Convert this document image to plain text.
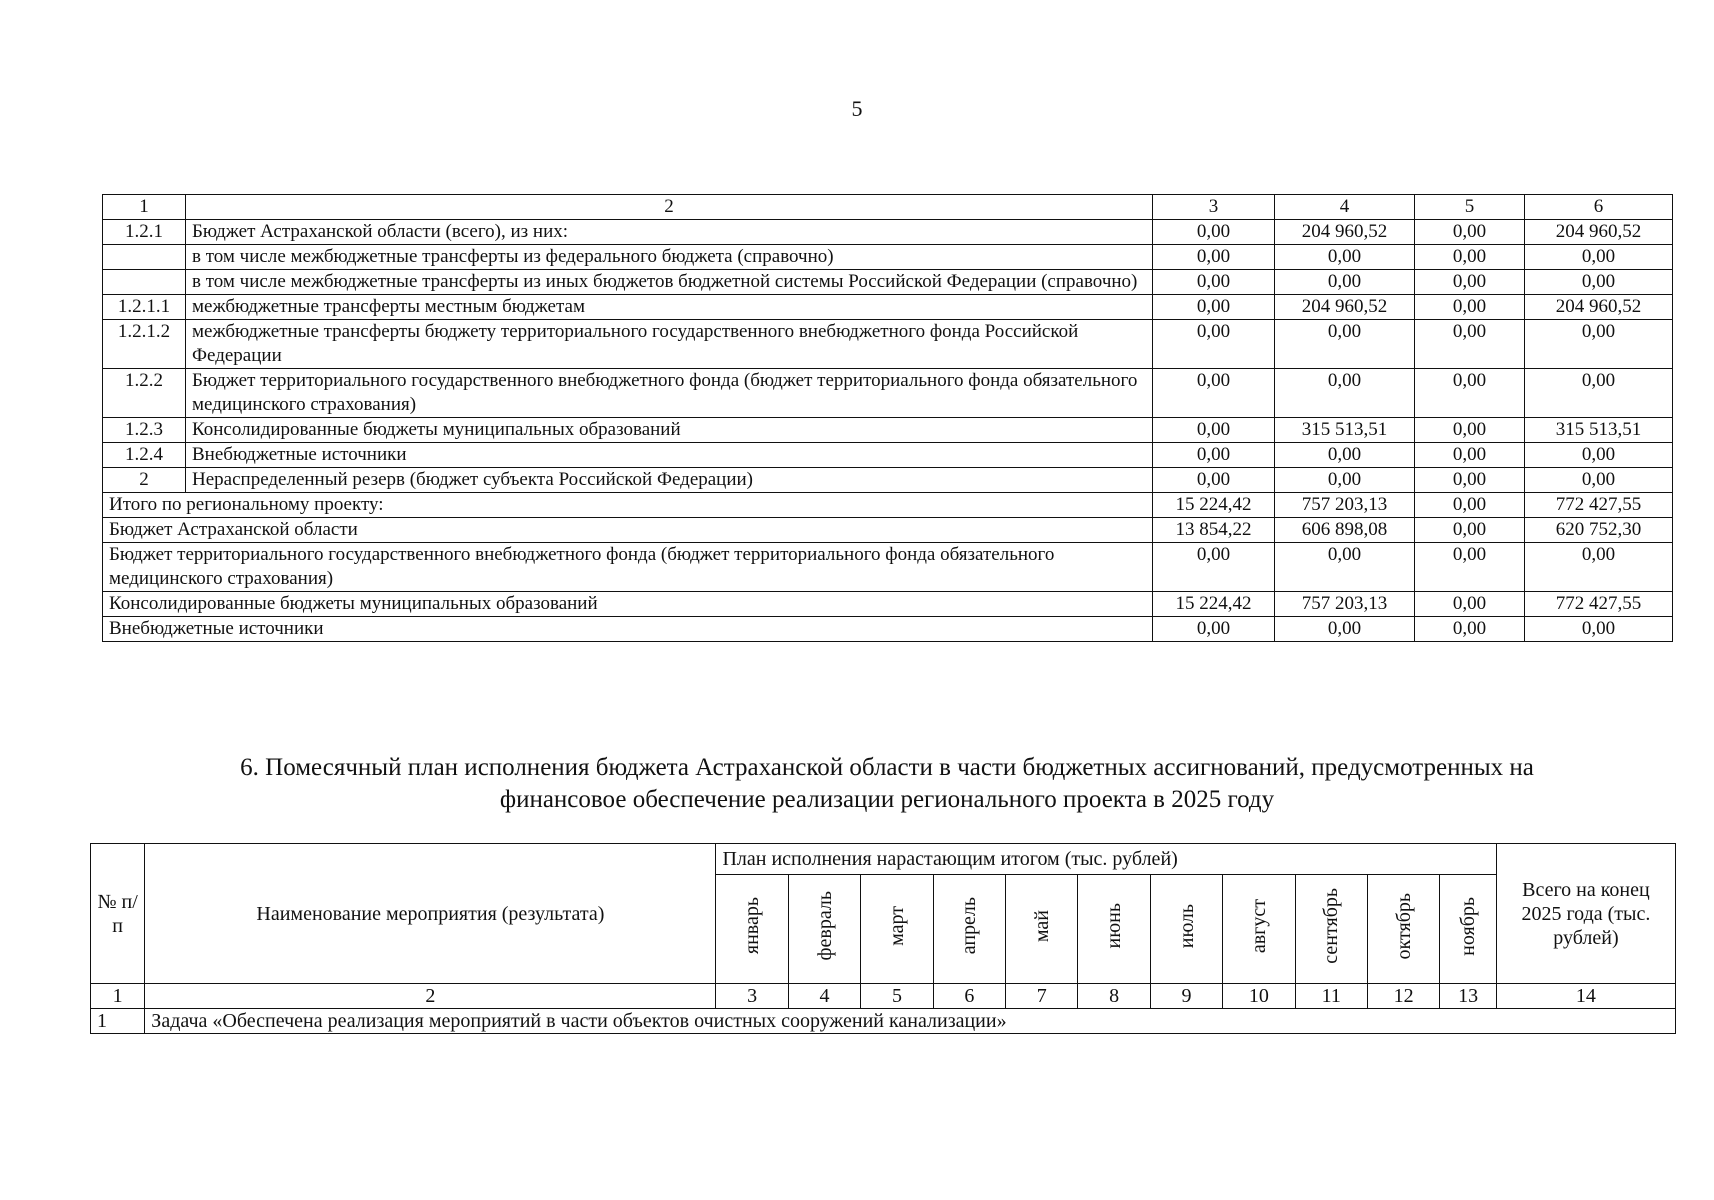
5
1	2	3	4	5	6
1.2.1	Бюджет Астраханской области (всего), из них:	0,00	204 960,52	0,00	204 960,52
	в том числе межбюджетные трансферты из федерального бюджета (справочно)	0,00	0,00	0,00	0,00
	в том числе межбюджетные трансферты из иных бюджетов бюджетной системы Российской Федерации (справочно)	0,00	0,00	0,00	0,00
1.2.1.1	межбюджетные трансферты местным бюджетам	0,00	204 960,52	0,00	204 960,52
1.2.1.2	межбюджетные трансферты бюджету территориального государственного внебюджетного фонда Российской Федерации	0,00	0,00	0,00	0,00
1.2.2	Бюджет территориального государственного внебюджетного фонда (бюджет территориального фонда обязательного медицинского страхования)	0,00	0,00	0,00	0,00
1.2.3	Консолидированные бюджеты муниципальных образований	0,00	315 513,51	0,00	315 513,51
1.2.4	Внебюджетные источники	0,00	0,00	0,00	0,00
2	Нераспределенный резерв (бюджет субъекта Российской Федерации)	0,00	0,00	0,00	0,00
Итого по региональному проекту:		15 224,42	757 203,13	0,00	772 427,55
Бюджет Астраханской области		13 854,22	606 898,08	0,00	620 752,30
Бюджет территориального государственного внебюджетного фонда (бюджет территориального фонда обязательного медицинского страхования)		0,00	0,00	0,00	0,00
Консолидированные бюджеты муниципальных образований		15 224,42	757 203,13	0,00	772 427,55
Внебюджетные источники		0,00	0,00	0,00	0,00
6. Помесячный план исполнения бюджета Астраханской области в части бюджетных ассигнований, предусмотренных на
финансовое обеспечение реализации регионального проекта в 2025 году
№ п/п	Наименование мероприятия (результата)	План исполнения нарастающим итогом (тыс. рублей)											Всего на конец 2025 года (тыс. рублей)
		январь	февраль	март	апрель	май	июнь	июль	август	сентябрь	октябрь	ноябрь	
1	2	3	4	5	6	7	8	9	10	11	12	13	14
1	Задача «Обеспечена реализация мероприятий в части объектов очистных сооружений канализации»												
